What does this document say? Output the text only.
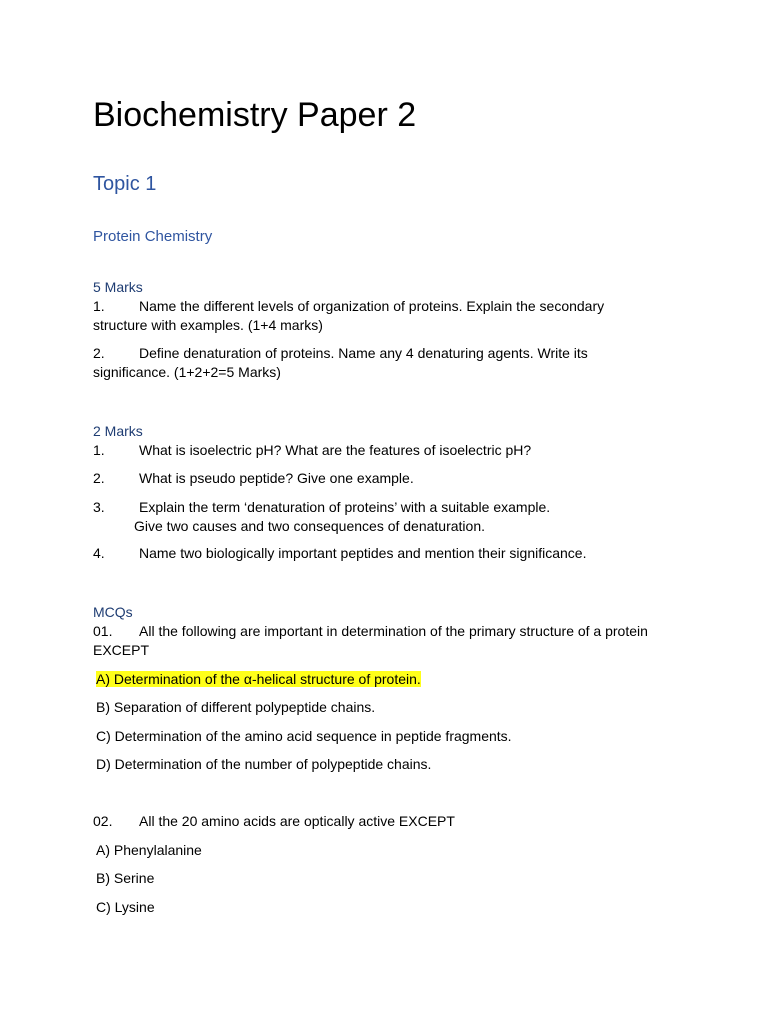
Biochemistry Paper 2
Topic 1
Protein Chemistry
5 Marks
1. Name the different levels of organization of proteins. Explain the secondary structure with examples. (1+4 marks)
2. Define denaturation of proteins. Name any 4 denaturing agents. Write its significance. (1+2+2=5 Marks)
2 Marks
1. What is isoelectric pH? What are the features of isoelectric pH?
2. What is pseudo peptide? Give one example.
3. Explain the term ‘denaturation of proteins’ with a suitable example.
Give two causes and two consequences of denaturation.
4. Name two biologically important peptides and mention their significance.
MCQs
01. All the following are important in determination of the primary structure of a protein EXCEPT
A) Determination of the α-helical structure of protein.
B) Separation of different polypeptide chains.
C) Determination of the amino acid sequence in peptide fragments.
D) Determination of the number of polypeptide chains.
02. All the 20 amino acids are optically active EXCEPT
A) Phenylalanine
B) Serine
C) Lysine
